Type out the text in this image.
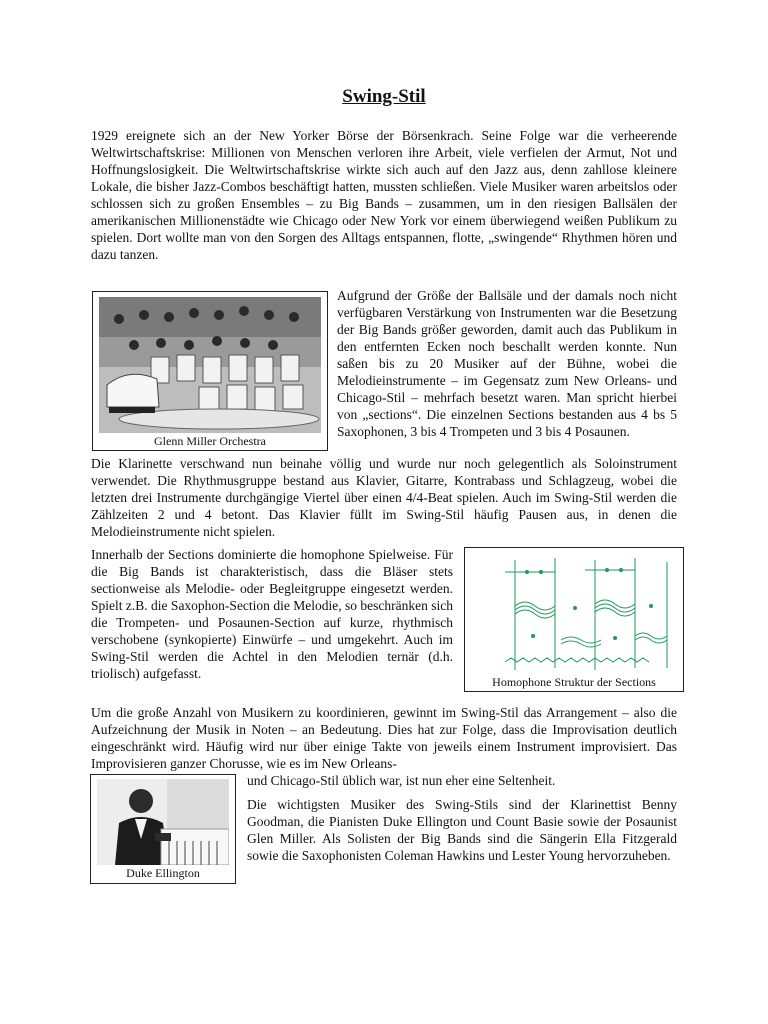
Swing-Stil

1929 ereignete sich an der New Yorker Börse der Börsenkrach. Seine Folge war die verheerende Weltwirtschaftskrise: Millionen von Menschen verloren ihre Arbeit, viele verfielen der Armut, Not und Hoffnungslosigkeit. Die Weltwirtschaftskrise wirkte sich auch auf den Jazz aus, denn zahllose kleinere Lokale, die bisher Jazz-Combos beschäftigt hatten, mussten schließen. Viele Musiker waren arbeitslos oder schlossen sich zu großen Ensembles – zu Big Bands – zusammen, um in den riesigen Ballsälen der amerikanischen Millionenstädte wie Chicago oder New York vor einem überwiegend weißen Publikum zu spielen. Dort wollte man von den Sorgen des Alltags entspannen, flotte, „swingende“ Rhythmen hören und dazu tanzen.

Glenn Miller Orchestra

Aufgrund der Größe der Ballsäle und der damals noch nicht verfügbaren Verstärkung von Instrumenten war die Besetzung der Big Bands größer geworden, damit auch das Publikum in den entfernten Ecken noch beschallt werden konnte. Nun saßen bis zu 20 Musiker auf der Bühne, wobei die Melodieinstrumente – im Gegensatz zum New Orleans- und Chicago-Stil – mehrfach besetzt waren. Man spricht hierbei von „sections“. Die einzelnen Sections bestanden aus 4 bs 5 Saxophonen, 3 bis 4 Trompeten und 3 bis 4 Posaunen.

Die Klarinette verschwand nun beinahe völlig und wurde nur noch gelegentlich als Soloinstrument verwendet. Die Rhythmusgruppe bestand aus Klavier, Gitarre, Kontrabass und Schlagzeug, wobei die letzten drei Instrumente durchgängige Viertel über einen 4/4-Beat spielen. Auch im Swing-Stil werden die Zählzeiten 2 und 4 betont. Das Klavier füllt im Swing-Stil häufig Pausen aus, in denen die Melodieinstrumente nicht spielen.

Innerhalb der Sections dominierte die homophone Spielweise. Für die Big Bands ist charakteristisch, dass die Bläser stets sectionweise als Melodie- oder Begleitgruppe eingesetzt werden. Spielt z.B. die Saxophon-Section die Melodie, so beschränken sich die Trompeten- und Posaunen-Section auf kurze, rhythmisch verschobene (synkopierte) Einwürfe – und umgekehrt. Auch im Swing-Stil werden die Achtel in den Melodien ternär (d.h. triolisch) aufgefasst.

Homophone Struktur der Sections

Um die große Anzahl von Musikern zu koordinieren, gewinnt im Swing-Stil das Arrangement – also die Aufzeichnung der Musik in Noten – an Bedeutung. Dies hat zur Folge, dass die Improvisation deutlich eingeschränkt wird. Häufig wird nur über einige Takte von jeweils einem Instrument improvisiert. Das Improvisieren ganzer Chorusse, wie es im New Orleans-

und Chicago-Stil üblich war, ist nun eher eine Seltenheit.

Duke Ellington

Die wichtigsten Musiker des Swing-Stils sind der Klarinettist Benny Goodman, die Pianisten Duke Ellington und Count Basie sowie der Posaunist Glen Miller. Als Solisten der Big Bands sind die Sängerin Ella Fitzgerald sowie die Saxophonisten Coleman Hawkins und Lester Young hervorzuheben.
